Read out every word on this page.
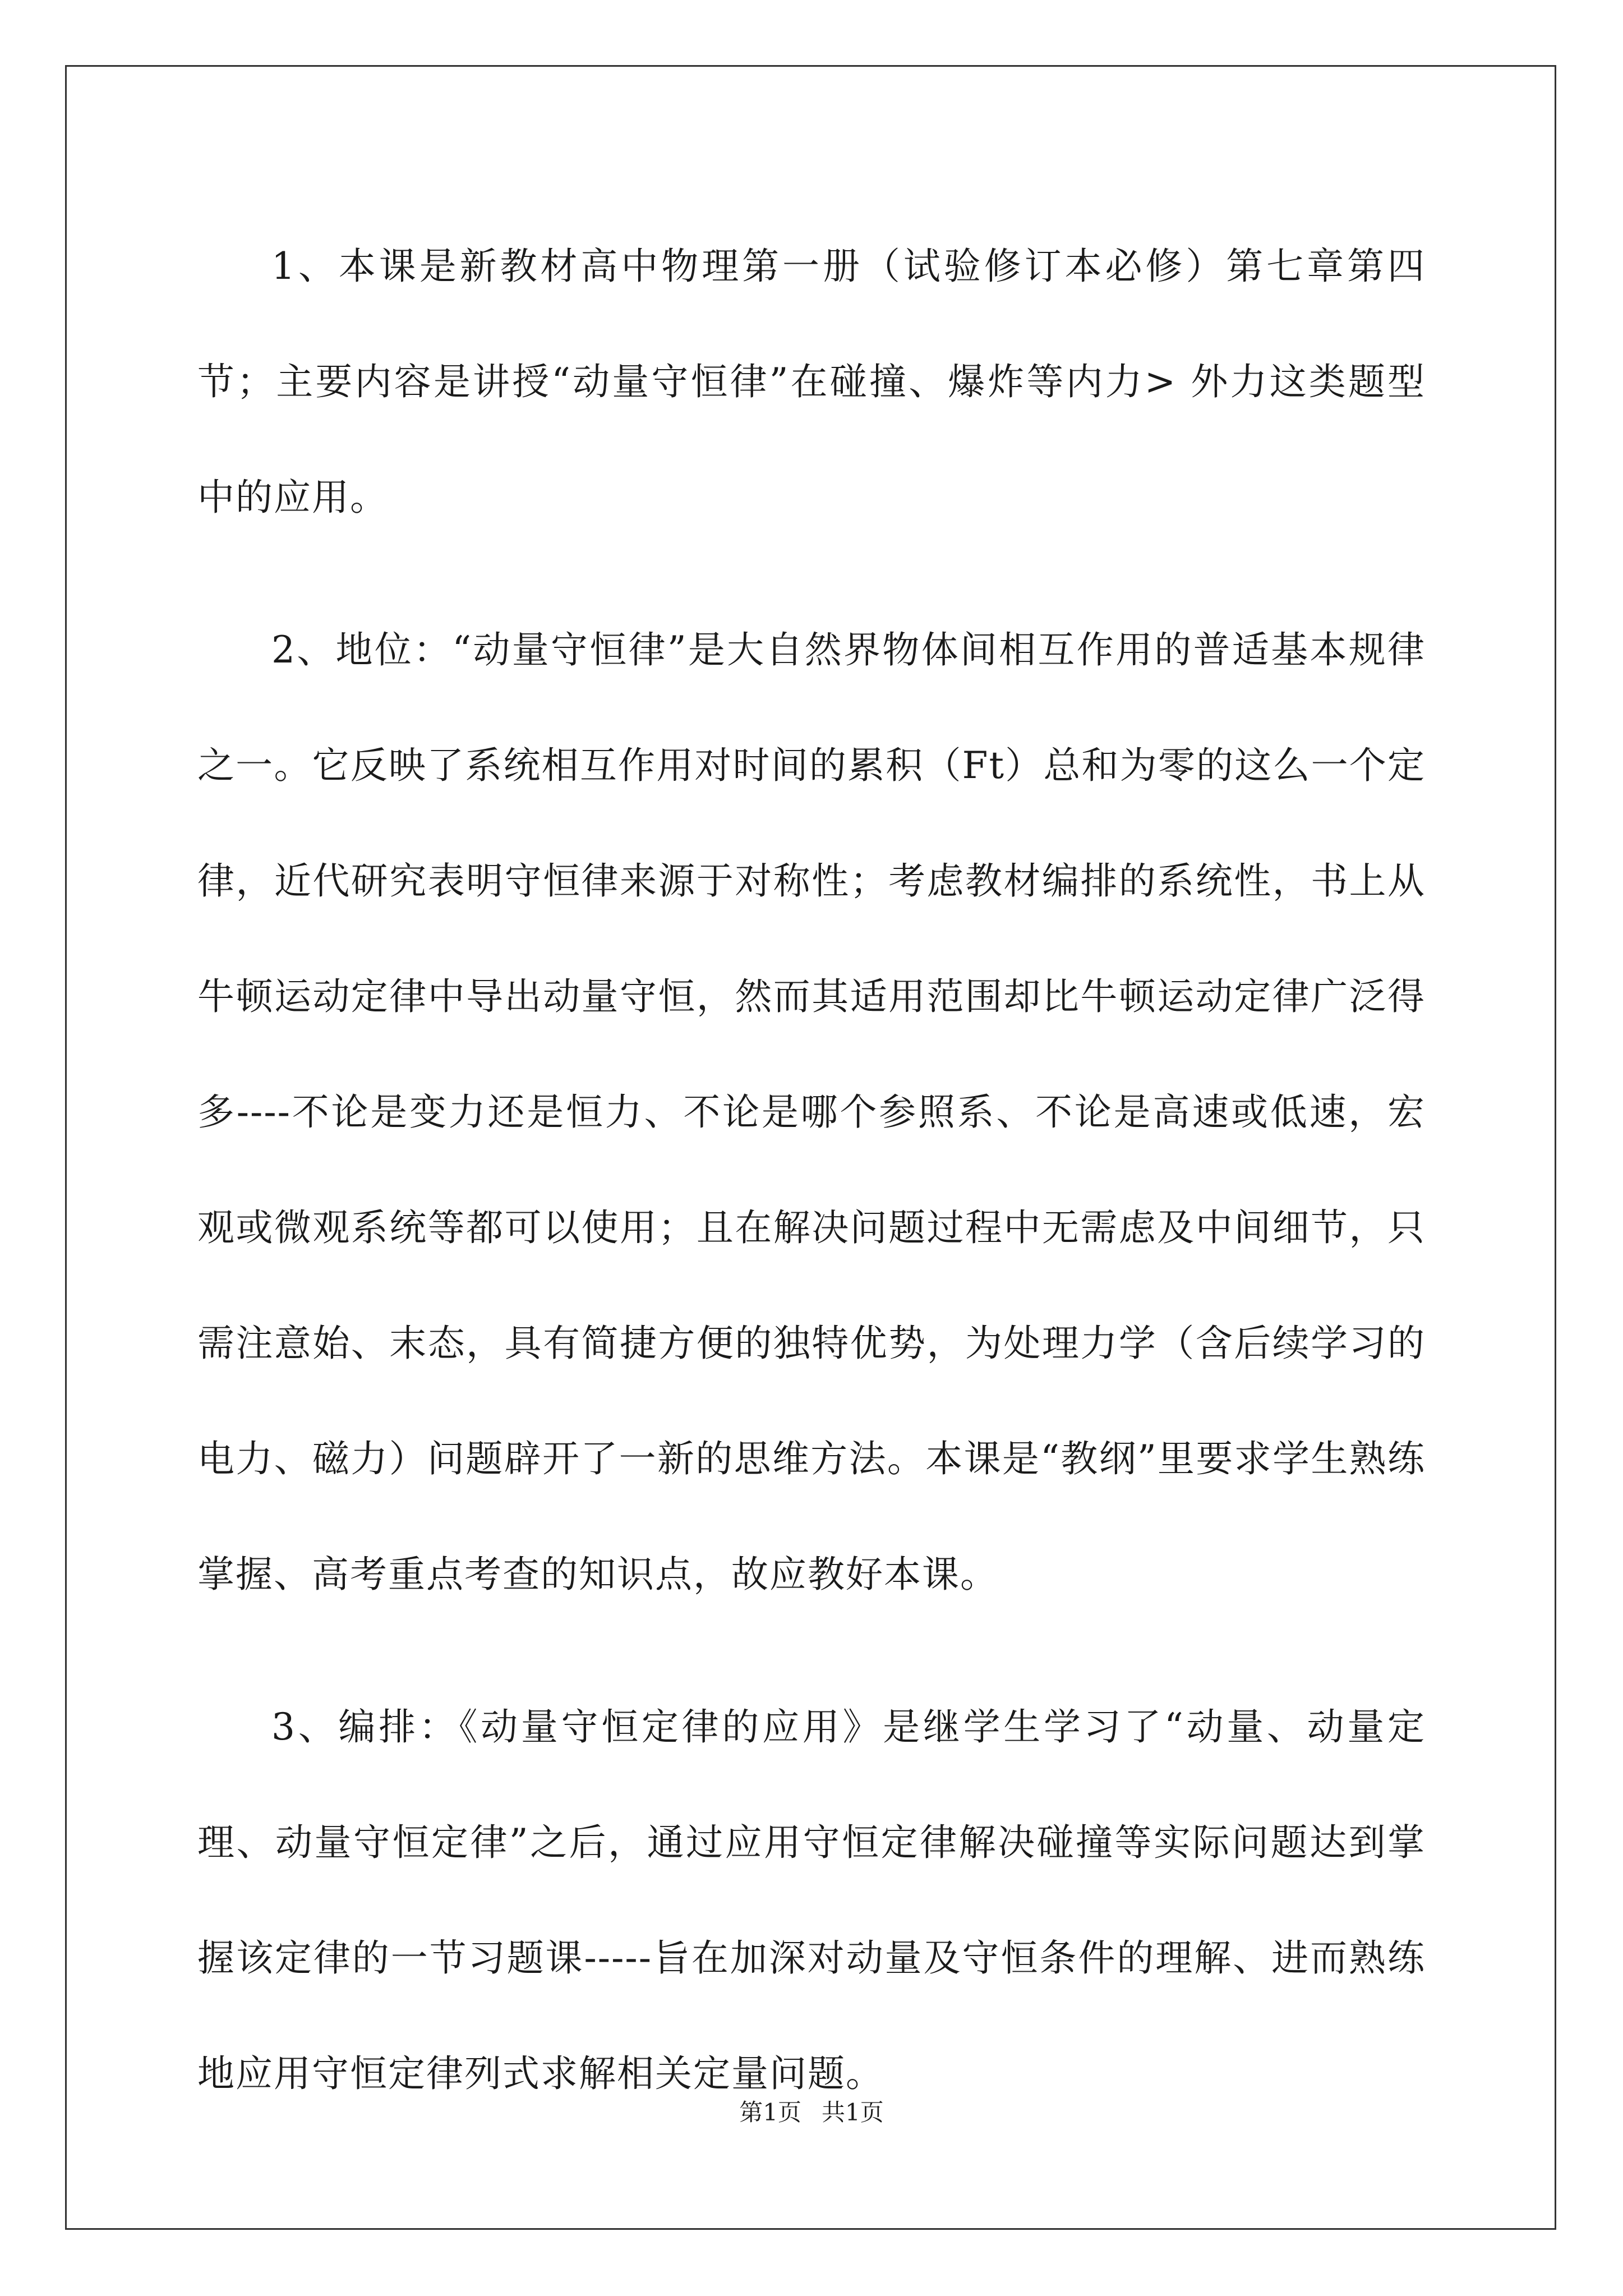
1、本课是新教材高中物理第一册（试验修订本必修）第七章第四节；主要内容是讲授“动量守恒律”在碰撞、爆炸等内力> 外力这类题型中的应用。

2、地位：“动量守恒律”是大自然界物体间相互作用的普适基本规律之一。它反映了系统相互作用对时间的累积（Ft）总和为零的这么一个定律，近代研究表明守恒律来源于对称性；考虑教材编排的系统性，书上从牛顿运动定律中导出动量守恒，然而其适用范围却比牛顿运动定律广泛得多----不论是变力还是恒力、不论是哪个参照系、不论是高速或低速，宏观或微观系统等都可以使用；且在解决问题过程中无需虑及中间细节，只需注意始、末态，具有简捷方便的独特优势，为处理力学（含后续学习的电力、磁力）问题辟开了一新的思维方法。本课是“教纲”里要求学生熟练掌握、高考重点考查的知识点，故应教好本课。

3、编排：《动量守恒定律的应用》是继学生学习了“动量、动量定理、动量守恒定律”之后，通过应用守恒定律解决碰撞等实际问题达到掌握该定律的一节习题课-----旨在加深对动量及守恒条件的理解、进而熟练地应用守恒定律列式求解相关定量问题。

第1页 共1页
